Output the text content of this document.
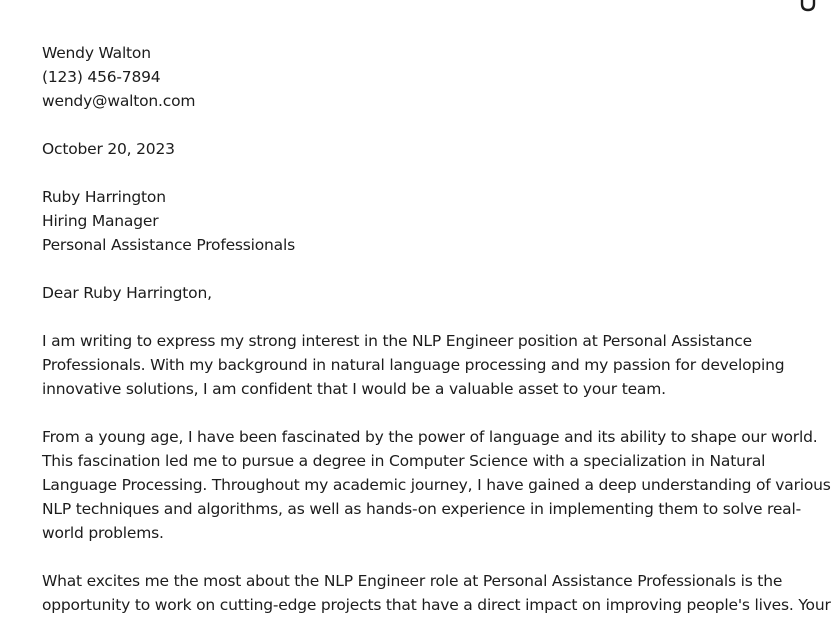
Wendy Walton
(123) 456-7894
wendy@walton.com
October 20, 2023
Ruby Harrington
Hiring Manager
Personal Assistance Professionals
Dear Ruby Harrington,
I am writing to express my strong interest in the NLP Engineer position at Personal Assistance
Professionals. With my background in natural language processing and my passion for developing
innovative solutions, I am confident that I would be a valuable asset to your team.
From a young age, I have been fascinated by the power of language and its ability to shape our world.
This fascination led me to pursue a degree in Computer Science with a specialization in Natural
Language Processing. Throughout my academic journey, I have gained a deep understanding of various
NLP techniques and algorithms, as well as hands-on experience in implementing them to solve real-
world problems.
What excites me the most about the NLP Engineer role at Personal Assistance Professionals is the
opportunity to work on cutting-edge projects that have a direct impact on improving people's lives. Your
